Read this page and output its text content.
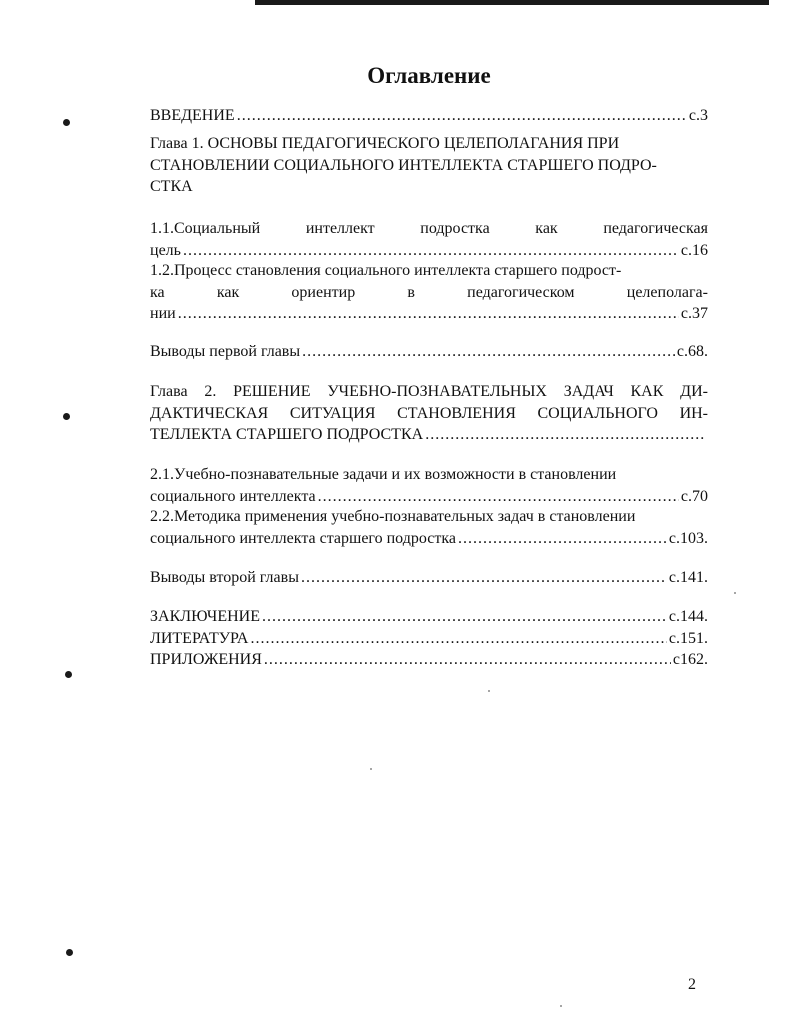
Оглавление
ВВЕДЕНИЕ .....	с.3
Глава 1. ОСНОВЫ ПЕДАГОГИЧЕСКОГО ЦЕЛЕПОЛАГАНИЯ ПРИ
СТАНОВЛЕНИИ СОЦИАЛЬНОГО ИНТЕЛЛЕКТА СТАРШЕГО ПОДРО-
СТКА
1.1.Социальный	интеллект	подростка	как	педагогическая
цель .....	с.16
1.2.Процесс становления социального интеллекта старшего подрост-
ка	как	ориентир	в	педагогическом	целеполага-
нии .....	с.37
Выводы первой главы .....	с.68.
Глава 2. РЕШЕНИЕ УЧЕБНО-ПОЗНАВАТЕЛЬНЫХ ЗАДАЧ КАК ДИ-
ДАКТИЧЕСКАЯ СИТУАЦИЯ СТАНОВЛЕНИЯ СОЦИАЛЬНОГО ИН-
ТЕЛЛЕКТА СТАРШЕГО ПОДРОСТКА
.....
2.1.Учебно-познавательные задачи и их возможности в становлении
социального интеллекта .....	с.70
2.2.Методика применения учебно-познавательных задач в становлении
социального интеллекта старшего подростка .....	с.103.
Выводы второй главы .....	с.141.
ЗАКЛЮЧЕНИЕ .....	с.144.
ЛИТЕРАТУРА .....	с.151.
ПРИЛОЖЕНИЯ .....	с162.
2
